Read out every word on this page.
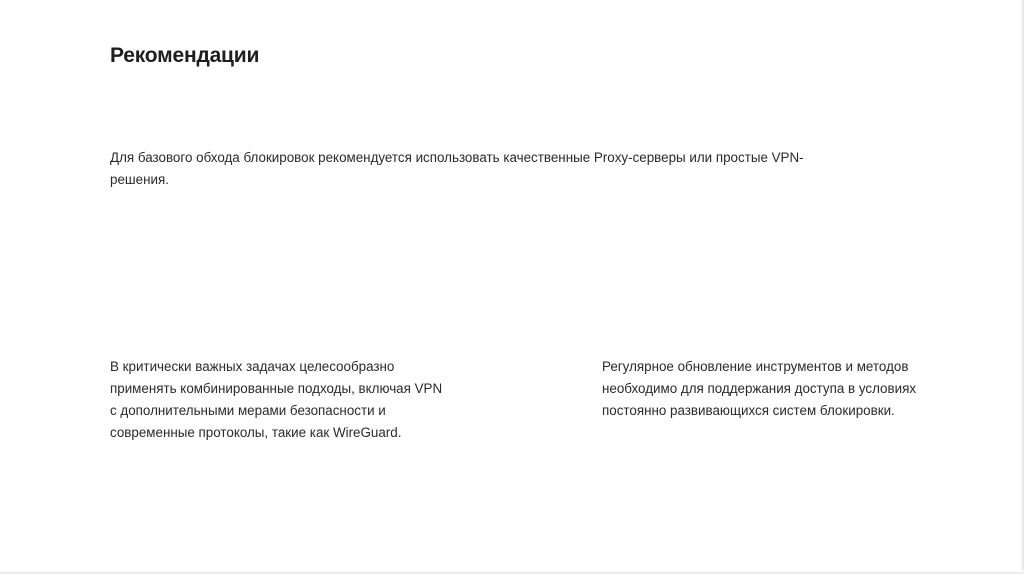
Рекомендации

Для базового обхода блокировок рекомендуется использовать качественные Proxy-серверы или простые VPN-решения.

В критически важных задачах целесообразно применять комбинированные подходы, включая VPN с дополнительными мерами безопасности и современные протоколы, такие как WireGuard.

Регулярное обновление инструментов и методов необходимо для поддержания доступа в условиях постоянно развивающихся систем блокировки.
